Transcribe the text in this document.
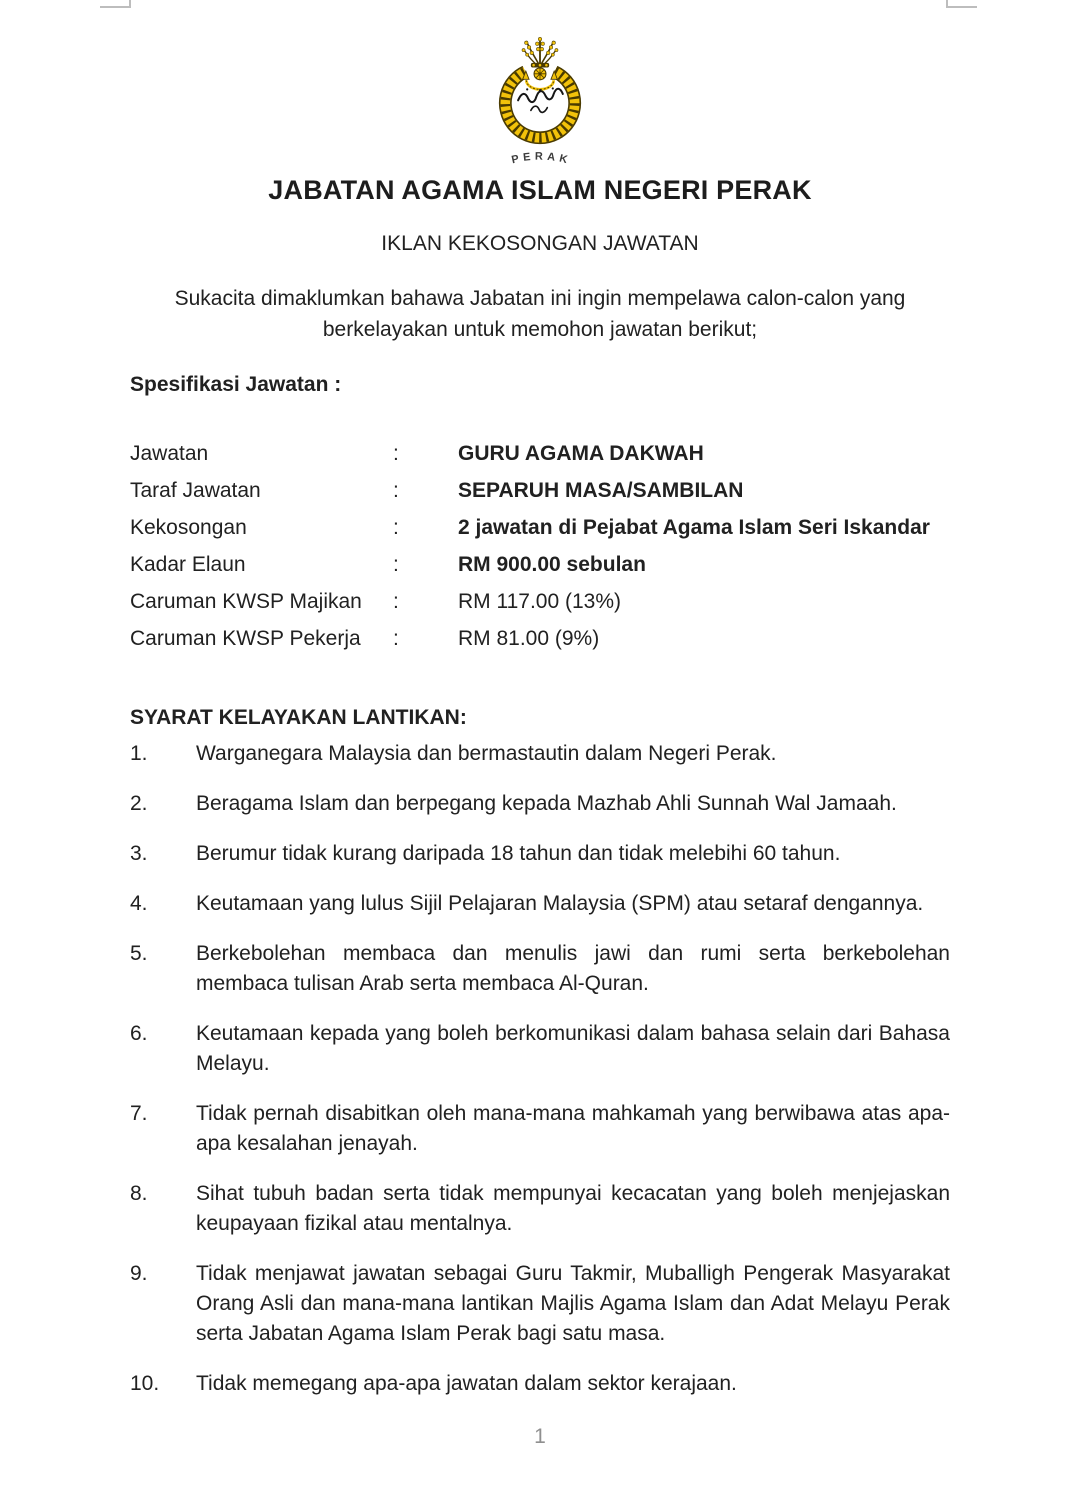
PERAK
JABATAN AGAMA ISLAM NEGERI PERAK
IKLAN KEKOSONGAN JAWATAN

Sukacita dimaklumkan bahawa Jabatan ini ingin mempelawa calon-calon yang berkelayakan untuk memohon jawatan berikut;

Spesifikasi Jawatan :
Jawatan	:	GURU AGAMA DAKWAH
Taraf Jawatan	:	SEPARUH MASA/SAMBILAN
Kekosongan	:	2 jawatan di Pejabat Agama Islam Seri Iskandar
Kadar Elaun	:	RM 900.00 sebulan
Caruman KWSP Majikan	:	RM 117.00 (13%)
Caruman KWSP Pekerja	:	RM 81.00 (9%)
SYARAT KELAYAKAN LANTIKAN:
1.	Warganegara Malaysia dan bermastautin dalam Negeri Perak.
2.	Beragama Islam dan berpegang kepada Mazhab Ahli Sunnah Wal Jamaah.
3.	Berumur tidak kurang daripada 18 tahun dan tidak melebihi 60 tahun.
4.	Keutamaan yang lulus Sijil Pelajaran Malaysia (SPM) atau setaraf dengannya.
5.	Berkebolehan membaca dan menulis jawi dan rumi serta berkebolehan membaca tulisan Arab serta membaca Al-Quran.
6.	Keutamaan kepada yang boleh berkomunikasi dalam bahasa selain dari Bahasa Melayu.
7.	Tidak pernah disabitkan oleh mana-mana mahkamah yang berwibawa atas apa-apa kesalahan jenayah.
8.	Sihat tubuh badan serta tidak mempunyai kecacatan yang boleh menjejaskan keupayaan fizikal atau mentalnya.
9.	Tidak menjawat jawatan sebagai Guru Takmir, Muballigh Pengerak Masyarakat Orang Asli dan mana-mana lantikan Majlis Agama Islam dan Adat Melayu Perak serta Jabatan Agama Islam Perak bagi satu masa.
10.	Tidak memegang apa-apa jawatan dalam sektor kerajaan.
1
